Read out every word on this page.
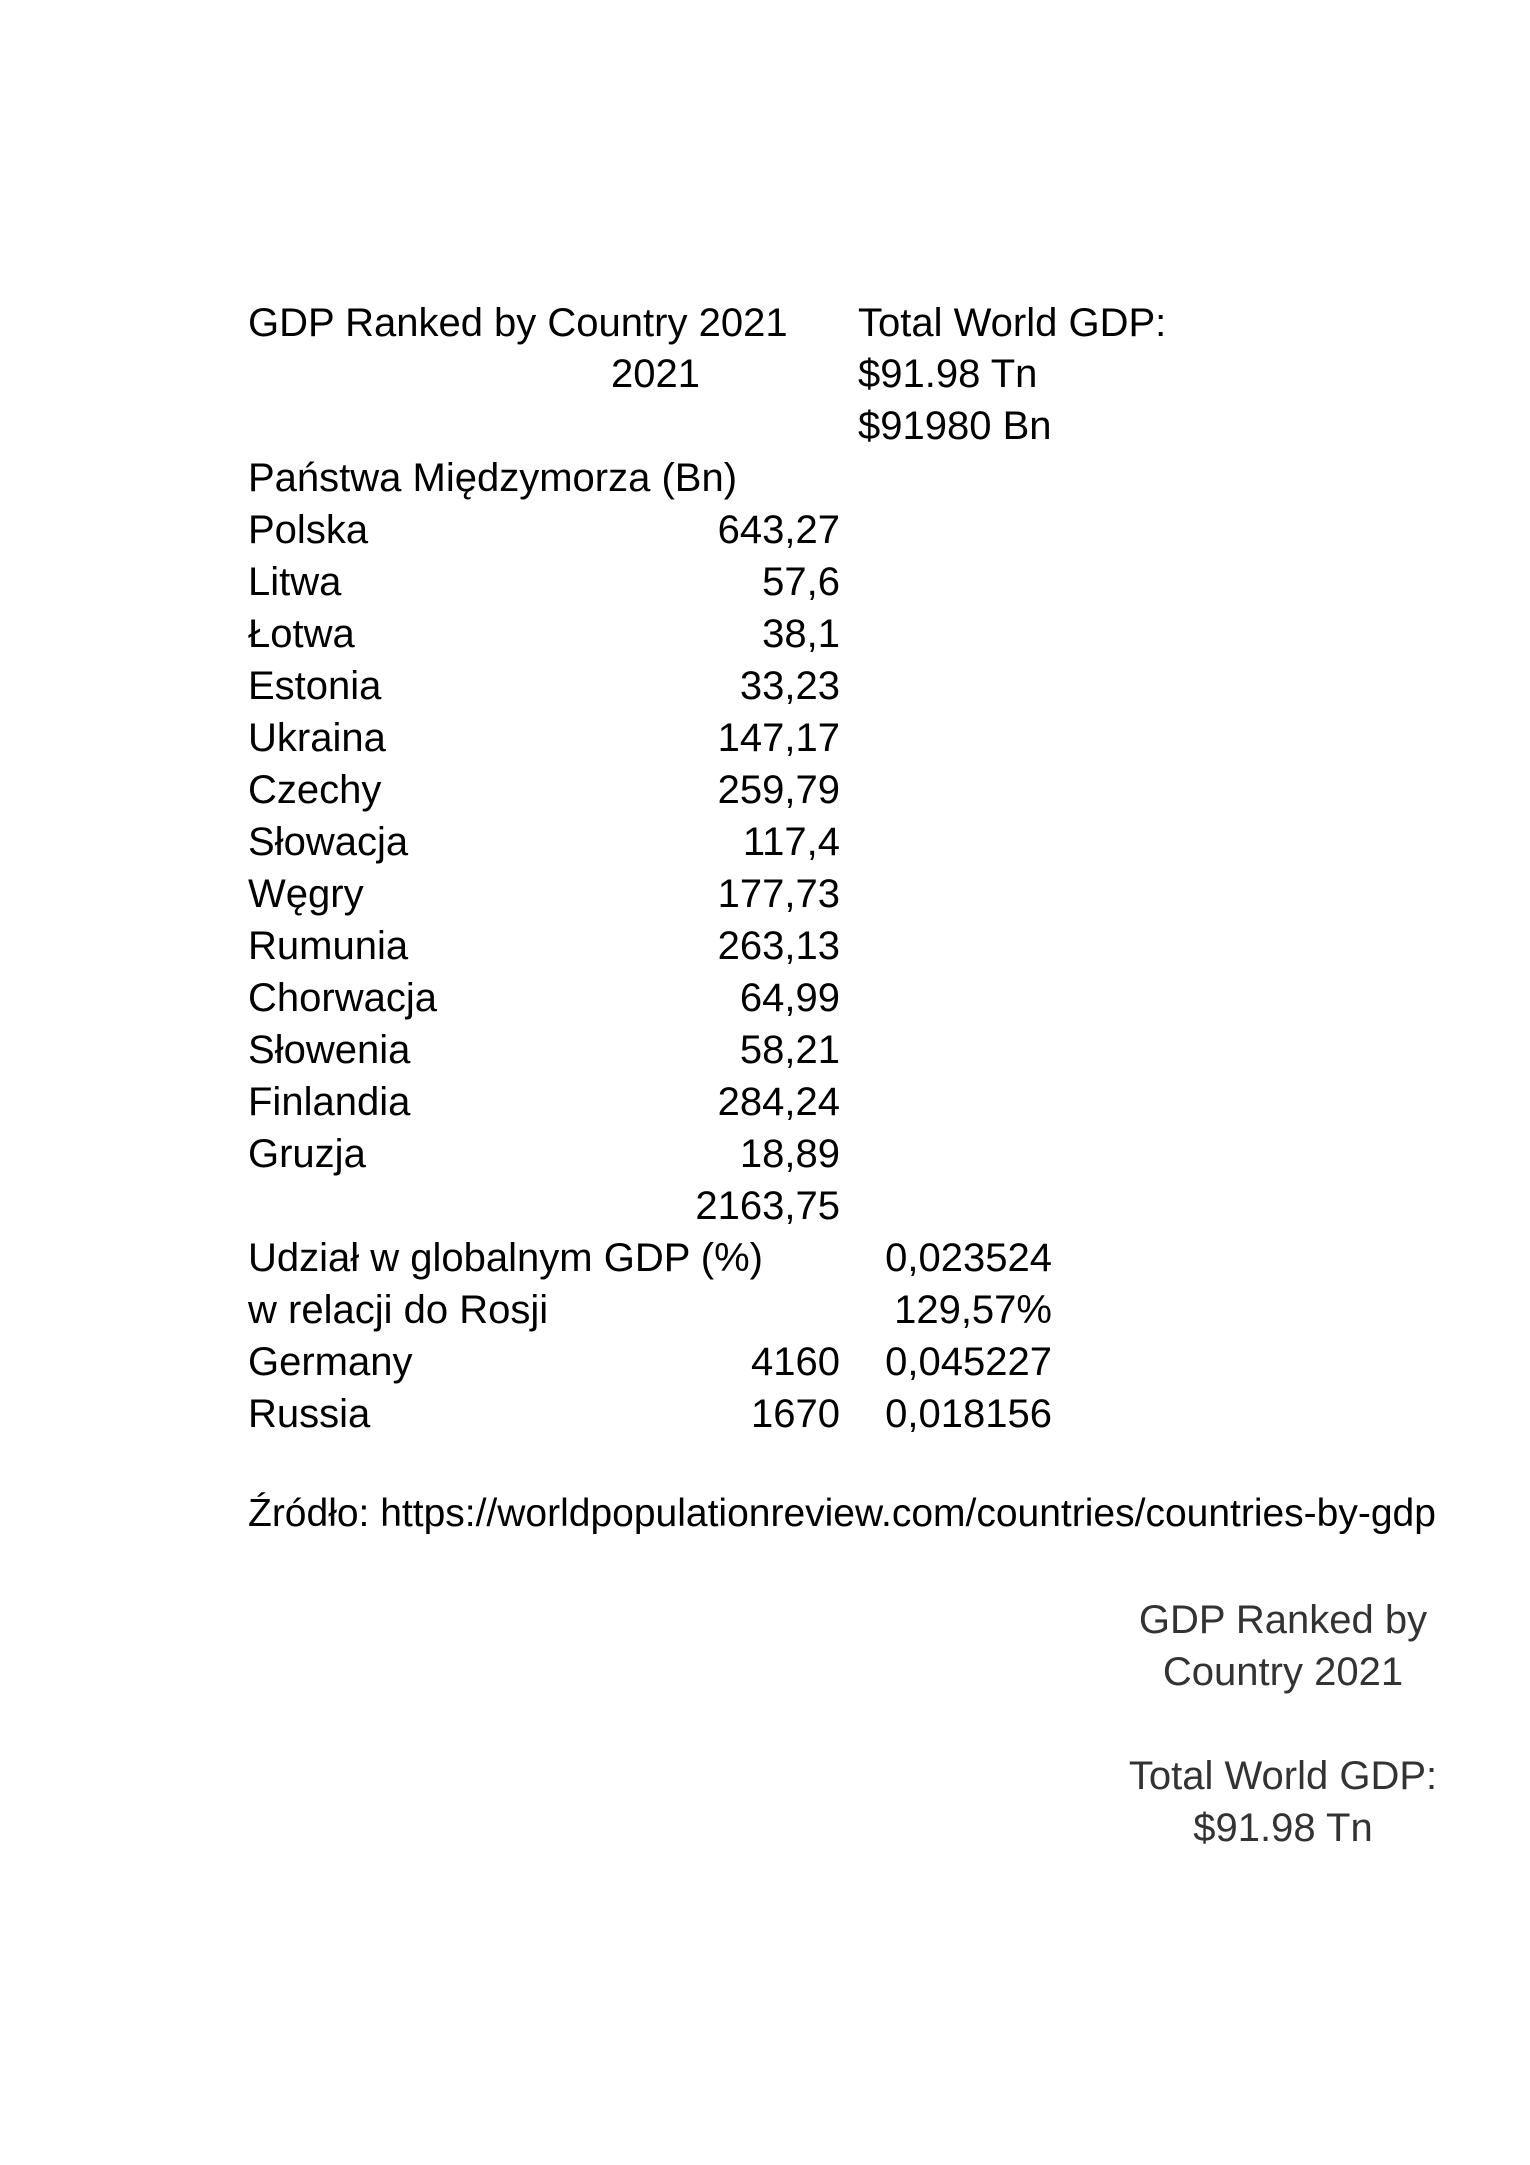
GDP Ranked by Country 2021
2021
Total World GDP:
$91.98 Tn
$91980 Bn
Państwa Międzymorza (Bn)
Polska	643,27
Litwa	57,6
Łotwa	38,1
Estonia	33,23
Ukraina	147,17
Czechy	259,79
Słowacja	117,4
Węgry	177,73
Rumunia	263,13
Chorwacja	64,99
Słowenia	58,21
Finlandia	284,24
Gruzja	18,89
2163,75
Udział w globalnym GDP (%)	0,023524
w relacji do Rosji	129,57%
Germany	4160	0,045227
Russia	1670	0,018156
Źródło: https://worldpopulationreview.com/countries/countries-by-gdp
GDP Ranked by
Country 2021
Total World GDP:
$91.98 Tn
